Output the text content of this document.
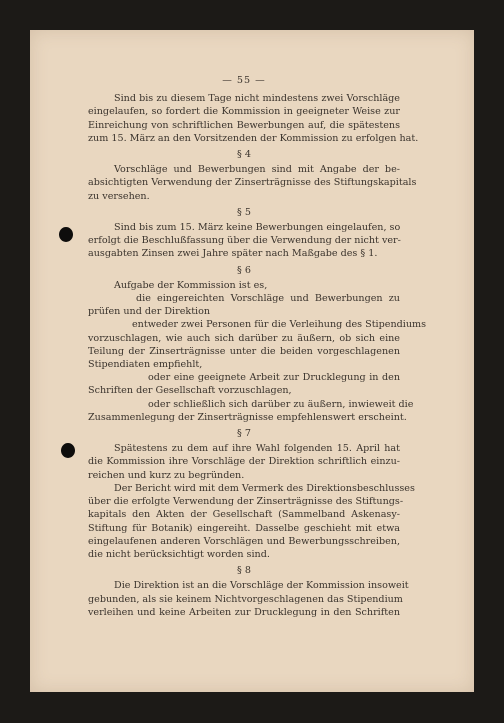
— 55 —
Sind bis zu diesem Tage nicht mindestens zwei Vorschläge
eingelaufen, so fordert die Kommission in geeigneter Weise zur
Einreichung von schriftlichen Bewerbungen auf, die spätestens
zum 15. März an den Vorsitzenden der Kommission zu erfolgen hat.
§ 4
Vorschläge und Bewerbungen sind mit Angabe der be-
absichtigten Verwendung der Zinserträgnisse des Stiftungskapitals
zu versehen.
§ 5
Sind bis zum 15. März keine Bewerbungen eingelaufen, so
erfolgt die Beschlußfassung über die Verwendung der nicht ver-
ausgabten Zinsen zwei Jahre später nach Maßgabe des § 1.
§ 6
Aufgabe der Kommission ist es,
die eingereichten Vorschläge und Bewerbungen zu
prüfen und der Direktion
entweder zwei Personen für die Verleihung des Stipendiums
vorzuschlagen, wie auch sich darüber zu äußern, ob sich eine
Teilung der Zinserträgnisse unter die beiden vorgeschlagenen
Stipendiaten empfiehlt,
oder eine geeignete Arbeit zur Drucklegung in den
Schriften der Gesellschaft vorzuschlagen,
oder schließlich sich darüber zu äußern, inwieweit die
Zusammenlegung der Zinserträgnisse empfehlenswert erscheint.
§ 7
Spätestens zu dem auf ihre Wahl folgenden 15. April hat
die Kommission ihre Vorschläge der Direktion schriftlich einzu-
reichen und kurz zu begründen.
Der Bericht wird mit dem Vermerk des Direktionsbeschlusses
über die erfolgte Verwendung der Zinserträgnisse des Stiftungs-
kapitals den Akten der Gesellschaft (Sammelband Askenasy-
Stiftung für Botanik) eingereiht. Dasselbe geschieht mit etwa
eingelaufenen anderen Vorschlägen und Bewerbungsschreiben,
die nicht berücksichtigt worden sind.
§ 8
Die Direktion ist an die Vorschläge der Kommission insoweit
gebunden, als sie keinem Nichtvorgeschlagenen das Stipendium
verleihen und keine Arbeiten zur Drucklegung in den Schriften
